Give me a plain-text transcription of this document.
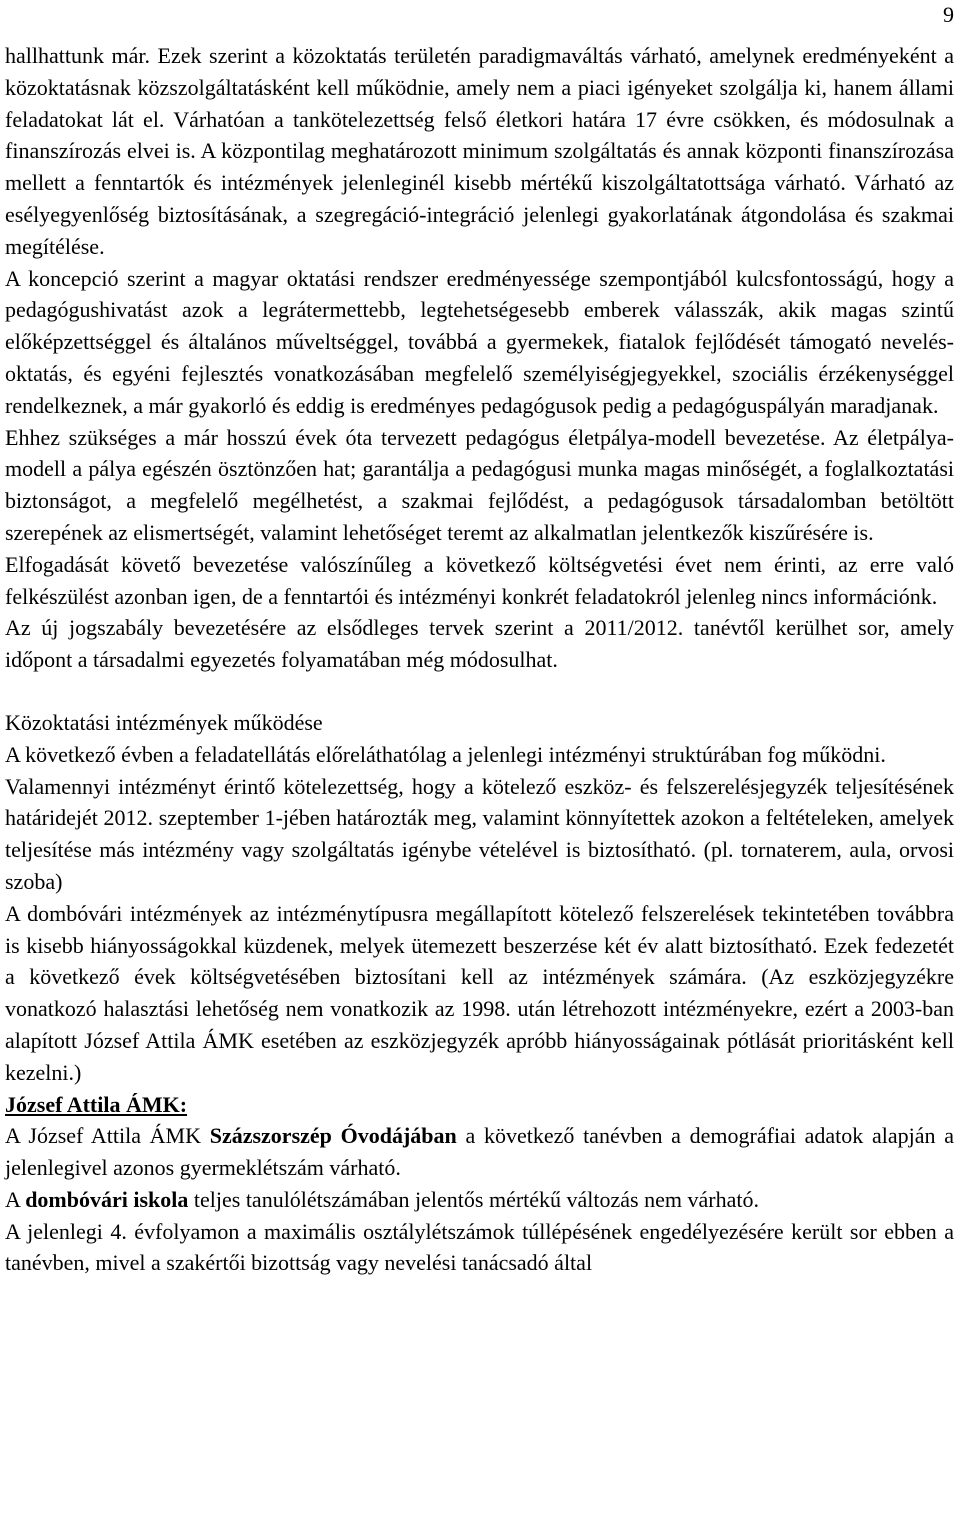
9

hallhattunk már. Ezek szerint a közoktatás területén paradigmaváltás várható, amelynek eredményeként a közoktatásnak közszolgáltatásként kell működnie, amely nem a piaci igényeket szolgálja ki, hanem állami feladatokat lát el. Várhatóan a tankötelezettség felső életkori határa 17 évre csökken, és módosulnak a finanszírozás elvei is. A központilag meghatározott minimum szolgáltatás és annak központi finanszírozása mellett a fenntartók és intézmények jelenleginél kisebb mértékű kiszolgáltatottsága várható. Várható az esélyegyenlőség biztosításának, a szegregáció-integráció jelenlegi gyakorlatának átgondolása és szakmai megítélése.

A koncepció szerint a magyar oktatási rendszer eredményessége szempontjából kulcsfontosságú, hogy a pedagógushivatást azok a legrátermettebb, legtehetségesebb emberek válasszák, akik magas szintű előképzettséggel és általános műveltséggel, továbbá a gyermekek, fiatalok fejlődését támogató nevelés-oktatás, és egyéni fejlesztés vonatkozásában megfelelő személyiségjegyekkel, szociális érzékenységgel rendelkeznek, a már gyakorló és eddig is eredményes pedagógusok pedig a pedagóguspályán maradjanak.

Ehhez szükséges a már hosszú évek óta tervezett pedagógus életpálya-modell bevezetése. Az életpálya-modell a pálya egészén ösztönzően hat; garantálja a pedagógusi munka magas minőségét, a foglalkoztatási biztonságot, a megfelelő megélhetést, a szakmai fejlődést, a pedagógusok társadalomban betöltött szerepének az elismertségét, valamint lehetőséget teremt az alkalmatlan jelentkezők kiszűrésére is.

Elfogadását követő bevezetése valószínűleg a következő költségvetési évet nem érinti, az erre való felkészülést azonban igen, de a fenntartói és intézményi konkrét feladatokról jelenleg nincs információnk.

Az új jogszabály bevezetésére az elsődleges tervek szerint a 2011/2012. tanévtől kerülhet sor, amely időpont a társadalmi egyezetés folyamatában még módosulhat.

Közoktatási intézmények működése

A következő évben a feladatellátás előreláthatólag a jelenlegi intézményi struktúrában fog működni.

Valamennyi intézményt érintő kötelezettség, hogy a kötelező eszköz- és felszerelésjegyzék teljesítésének határidejét 2012. szeptember 1-jében határozták meg, valamint könnyítettek azokon a feltételeken, amelyek teljesítése más intézmény vagy szolgáltatás igénybe vételével is biztosítható. (pl. tornaterem, aula, orvosi szoba)

A dombóvári intézmények az intézménytípusra megállapított kötelező felszerelések tekintetében továbbra is kisebb hiányosságokkal küzdenek, melyek ütemezett beszerzése két év alatt biztosítható. Ezek fedezetét a következő évek költségvetésében biztosítani kell az intézmények számára. (Az eszközjegyzékre vonatkozó halasztási lehetőség nem vonatkozik az 1998. után létrehozott intézményekre, ezért a 2003-ban alapított József Attila ÁMK esetében az eszközjegyzék apróbb hiányosságainak pótlását prioritásként kell kezelni.)

József Attila ÁMK:

A József Attila ÁMK Százszorszép Óvodájában a következő tanévben a demográfiai adatok alapján a jelenlegivel azonos gyermeklétszám várható.

A dombóvári iskola teljes tanulólétszámában jelentős mértékű változás nem várható.

A jelenlegi 4. évfolyamon a maximális osztálylétszámok túllépésének engedélyezésére került sor ebben a tanévben, mivel a szakértői bizottság vagy nevelési tanácsadó által
